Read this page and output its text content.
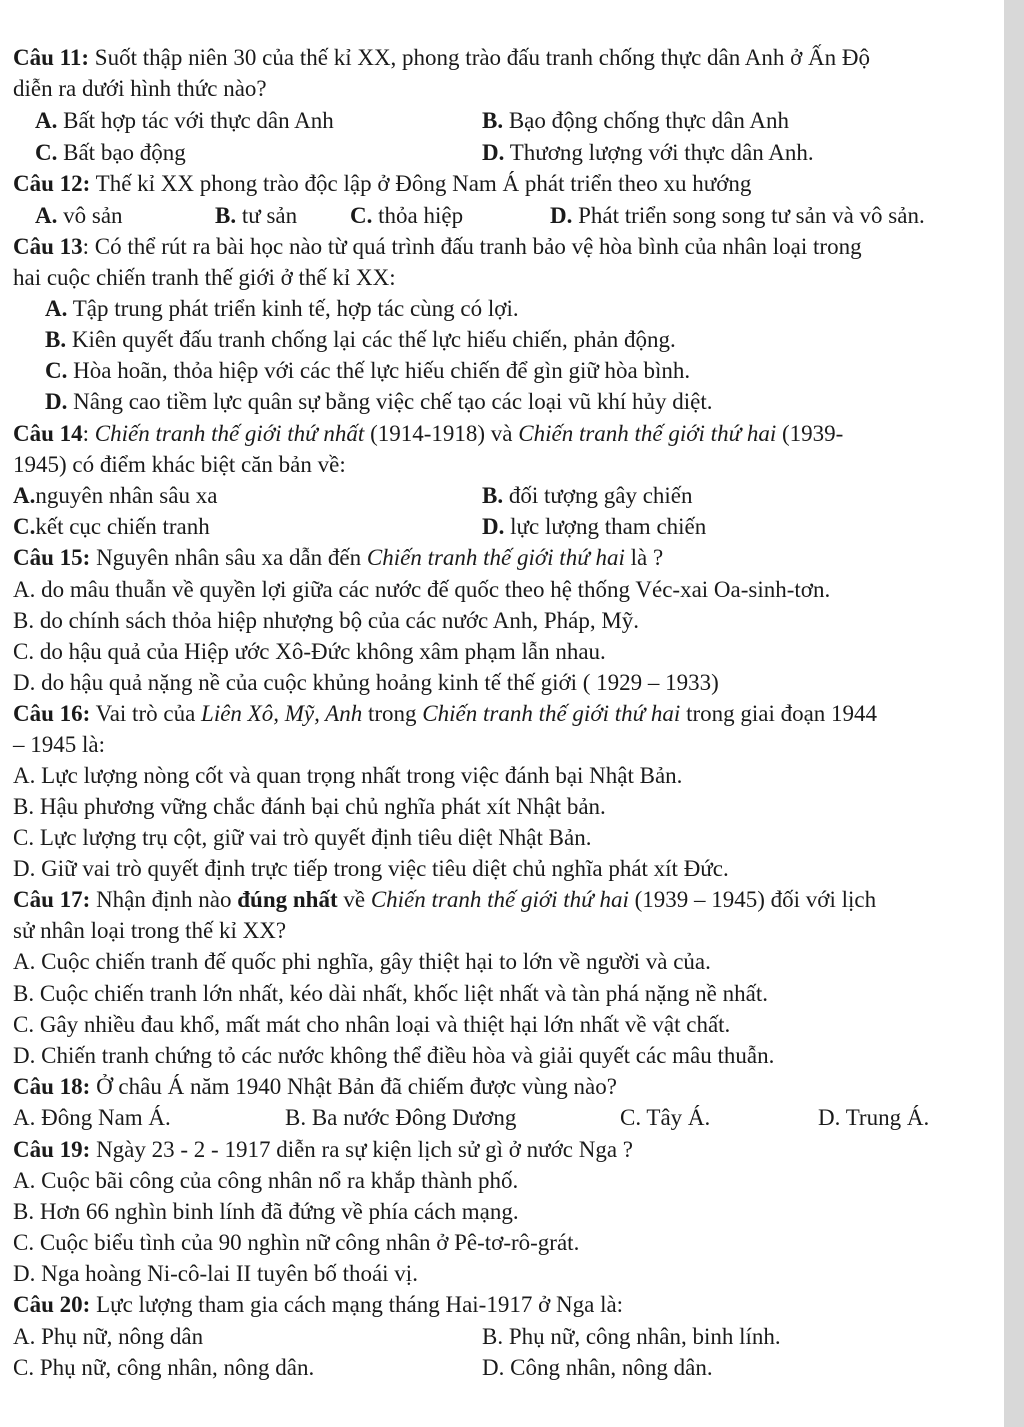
Câu 11: Suốt thập niên 30 của thế kỉ XX, phong trào đấu tranh chống thực dân Anh ở Ấn Độ
diễn ra dưới hình thức nào?
A. Bất hợp tác với thực dân Anh	B. Bạo động chống thực dân Anh
C. Bất bạo động	D. Thương lượng với thực dân Anh.
Câu 12: Thế kỉ XX phong trào độc lập ở Đông Nam Á phát triển theo xu hướng
A. vô sản	B. tư sản C. thỏa hiệp	D. Phát triển song song tư sản và vô sản.
Câu 13: Có thể rút ra bài học nào từ quá trình đấu tranh bảo vệ hòa bình của nhân loại trong
hai cuộc chiến tranh thế giới ở thế kỉ XX:
A. Tập trung phát triển kinh tế, hợp tác cùng có lợi.
B. Kiên quyết đấu tranh chống lại các thế lực hiếu chiến, phản động.
C. Hòa hoãn, thỏa hiệp với các thế lực hiếu chiến để gìn giữ hòa bình.
D. Nâng cao tiềm lực quân sự bằng việc chế tạo các loại vũ khí hủy diệt.
Câu 14: Chiến tranh thế giới thứ nhất (1914-1918) và Chiến tranh thế giới thứ hai (1939-
1945) có điểm khác biệt căn bản về:
A.nguyên nhân sâu xa	B. đối tượng gây chiến
C.kết cục chiến tranh	D. lực lượng tham chiến
Câu 15: Nguyên nhân sâu xa dẫn đến Chiến tranh thế giới thứ hai là ?
A. do mâu thuẫn về quyền lợi giữa các nước đế quốc theo hệ thống Véc-xai Oa-sinh-tơn.
B. do chính sách thỏa hiệp nhượng bộ của các nước Anh, Pháp, Mỹ.
C. do hậu quả của Hiệp ước Xô-Đức không xâm phạm lẫn nhau.
D. do hậu quả nặng nề của cuộc khủng hoảng kinh tế thế giới ( 1929 – 1933)
Câu 16: Vai trò của Liên Xô, Mỹ, Anh trong Chiến tranh thế giới thứ hai trong giai đoạn 1944
– 1945 là:
A. Lực lượng nòng cốt và quan trọng nhất trong việc đánh bại Nhật Bản.
B. Hậu phương vững chắc đánh bại chủ nghĩa phát xít Nhật bản.
C. Lực lượng trụ cột, giữ vai trò quyết định tiêu diệt Nhật Bản.
D. Giữ vai trò quyết định trực tiếp trong việc tiêu diệt chủ nghĩa phát xít Đức.
Câu 17: Nhận định nào đúng nhất về Chiến tranh thế giới thứ hai (1939 – 1945) đối với lịch
sử nhân loại trong thế kỉ XX?
A. Cuộc chiến tranh đế quốc phi nghĩa, gây thiệt hại to lớn về người và của.
B. Cuộc chiến tranh lớn nhất, kéo dài nhất, khốc liệt nhất và tàn phá nặng nề nhất.
C. Gây nhiều đau khổ, mất mát cho nhân loại và thiệt hại lớn nhất về vật chất.
D. Chiến tranh chứng tỏ các nước không thể điều hòa và giải quyết các mâu thuẫn.
Câu 18: Ở châu Á năm 1940 Nhật Bản đã chiếm được vùng nào?
A. Đông Nam Á.	B. Ba nước Đông Dương	C. Tây Á.	D. Trung Á.
Câu 19: Ngày 23 - 2 - 1917 diễn ra sự kiện lịch sử gì ở nước Nga ?
A. Cuộc bãi công của công nhân nổ ra khắp thành phố.
B. Hơn 66 nghìn binh lính đã đứng về phía cách mạng.
C. Cuộc biểu tình của 90 nghìn nữ công nhân ở Pê-tơ-rô-grát.
D. Nga hoàng Ni-cô-lai II tuyên bố thoái vị.
Câu 20: Lực lượng tham gia cách mạng tháng Hai-1917 ở Nga là:
A. Phụ nữ, nông dân	B. Phụ nữ, công nhân, binh lính.
C. Phụ nữ, công nhân, nông dân.	D. Công nhân, nông dân.
